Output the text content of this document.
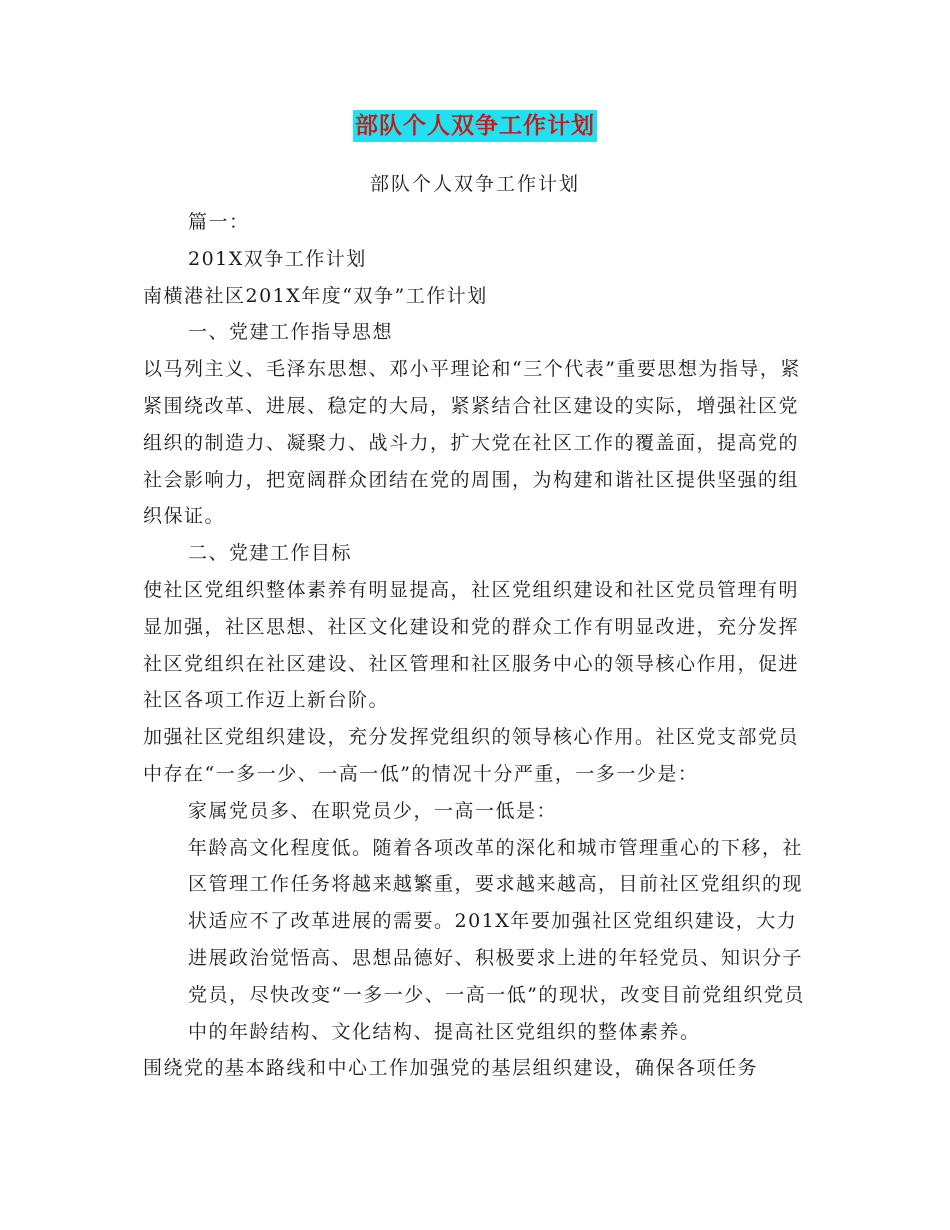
部队个人双争工作计划
部队个人双争工作计划

篇一：

201X双争工作计划

南横港社区201X年度“双争”工作计划

一、党建工作指导思想

以马列主义、毛泽东思想、邓小平理论和“三个代表”重要思想为指导，紧紧围绕改革、进展、稳定的大局，紧紧结合社区建设的实际，增强社区党组织的制造力、凝聚力、战斗力，扩大党在社区工作的覆盖面，提高党的社会影响力，把宽阔群众团结在党的周围，为构建和谐社区提供坚强的组织保证。

二、党建工作目标

使社区党组织整体素养有明显提高，社区党组织建设和社区党员管理有明显加强，社区思想、社区文化建设和党的群众工作有明显改进，充分发挥社区党组织在社区建设、社区管理和社区服务中心的领导核心作用，促进社区各项工作迈上新台阶。

加强社区党组织建设，充分发挥党组织的领导核心作用。社区党支部党员中存在“一多一少、一高一低”的情况十分严重，一多一少是：

家属党员多、在职党员少，一高一低是：

年龄高文化程度低。随着各项改革的深化和城市管理重心的下移，社区管理工作任务将越来越繁重，要求越来越高，目前社区党组织的现状适应不了改革进展的需要。201X年要加强社区党组织建设，大力进展政治觉悟高、思想品德好、积极要求上进的年轻党员、知识分子党员，尽快改变“一多一少、一高一低”的现状，改变目前党组织党员中的年龄结构、文化结构、提高社区党组织的整体素养。

围绕党的基本路线和中心工作加强党的基层组织建设，确保各项任务
